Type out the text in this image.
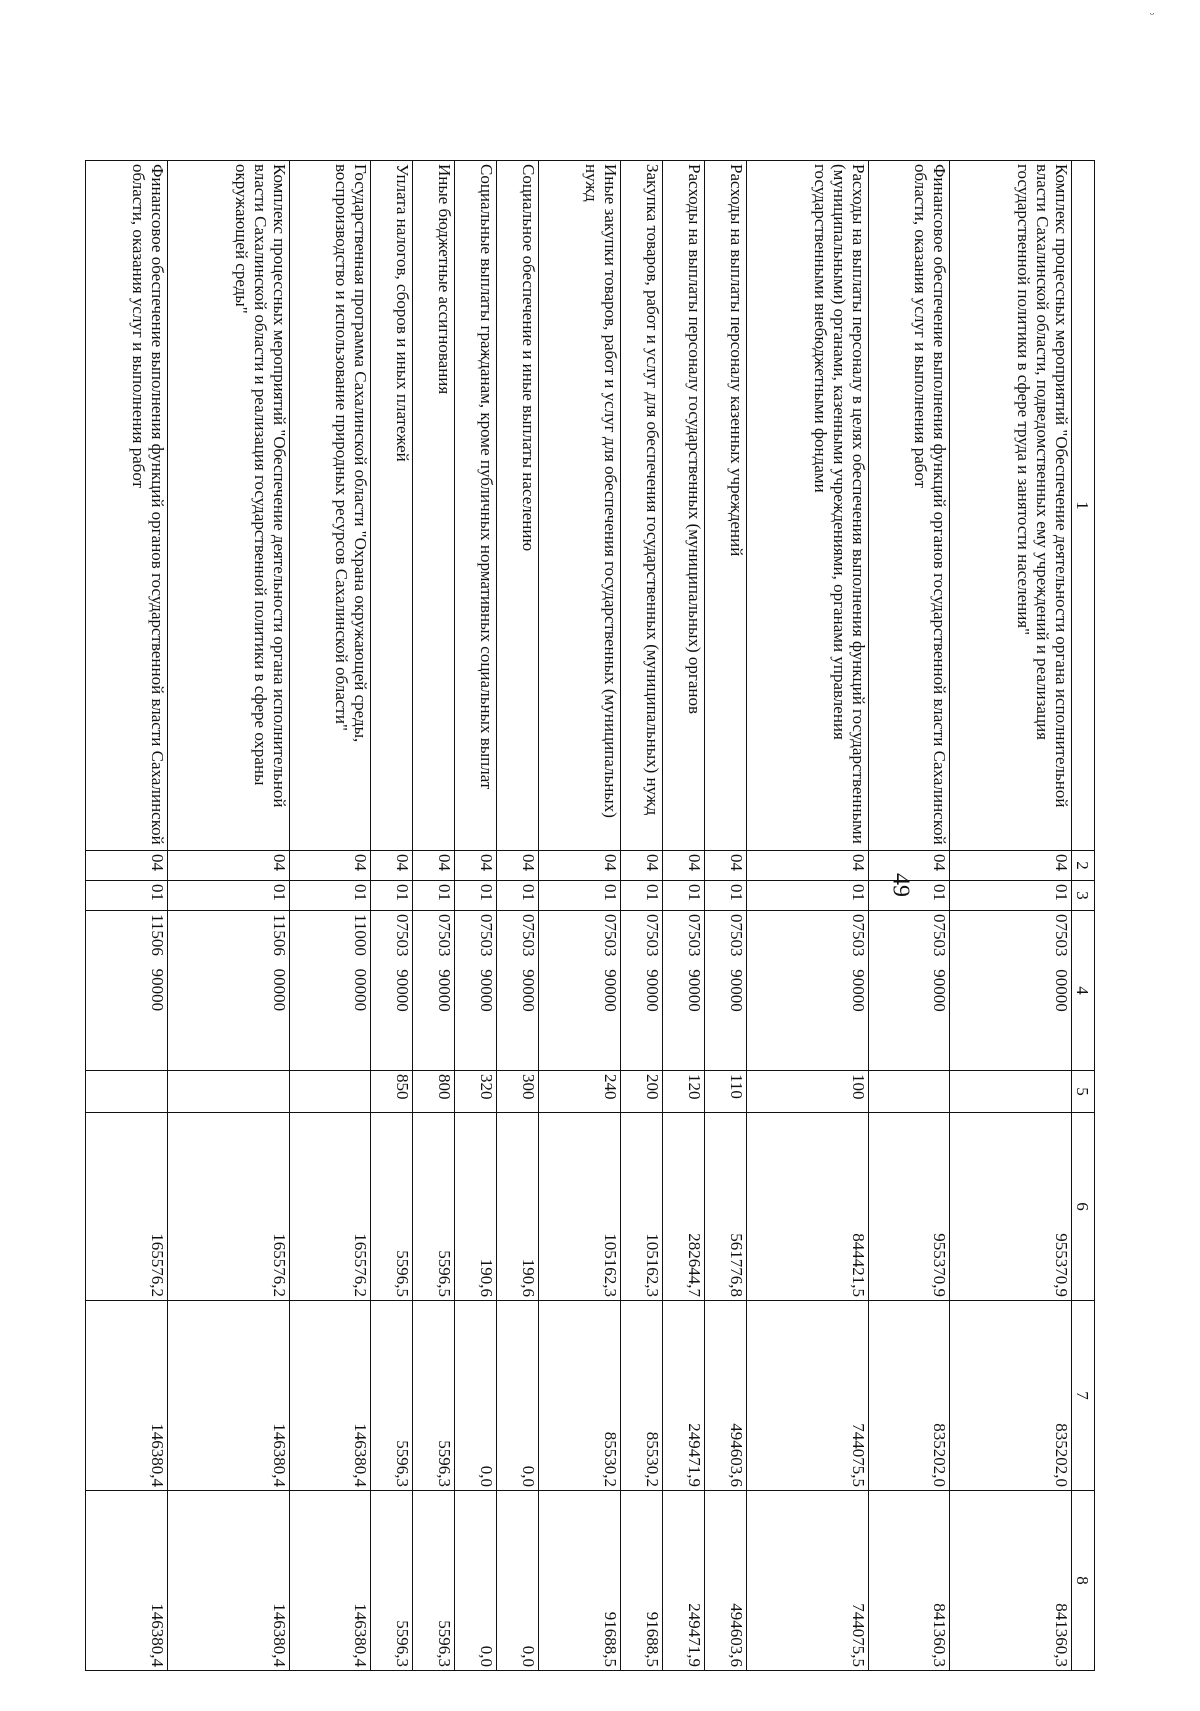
ᵕ
49
1	2	3	4	5	6	7	8
Комплекс процессных мероприятий "Обеспечение деятельности органа исполнительной власти Сахалинской области, подведомственных ему учреждений и реализация государственной политики в сфере труда и занятости населения"	04	01	07503   00000		955370,9	835202,0	841360,3
Финансовое обеспечение выполнения функций органов государственной власти Сахалинской области, оказания услуг и выполнения работ	04	01	07503   90000		955370,9	835202,0	841360,3
Расходы на выплаты персоналу в целях обеспечения выполнения функций государственными (муниципальными) органами, казенными учреждениями, органами управления государственными внебюджетными фондами	04	01	07503   90000	100	844421,5	744075,5	744075,5
Расходы на выплаты персоналу казенных учреждений	04	01	07503   90000	110	561776,8	494603,6	494603,6
Расходы на выплаты персоналу государственных (муниципальных) органов	04	01	07503   90000	120	282644,7	249471,9	249471,9
Закупка товаров, работ и услуг для обеспечения государственных (муниципальных) нужд	04	01	07503   90000	200	105162,3	85530,2	91688,5
Иные закупки товаров, работ и услуг для обеспечения государственных (муниципальных) нужд	04	01	07503   90000	240	105162,3	85530,2	91688,5
Социальное обеспечение и иные выплаты населению	04	01	07503   90000	300	190,6	0,0	0,0
Социальные выплаты гражданам, кроме публичных нормативных социальных выплат	04	01	07503   90000	320	190,6	0,0	0,0
Иные бюджетные ассигнования	04	01	07503   90000	800	5596,5	5596,3	5596,3
Уплата налогов, сборов и иных платежей	04	01	07503   90000	850	5596,5	5596,3	5596,3
Государственная программа Сахалинской области "Охрана окружающей среды, воспроизводство и использование природных ресурсов Сахалинской области"	04	01	11000   00000		165576,2	146380,4	146380,4
Комплекс процессных мероприятий "Обеспечение деятельности органа исполнительной власти Сахалинской области и реализация государственной политики в сфере охраны окружающей среды"	04	01	11506   00000		165576,2	146380,4	146380,4
Финансовое обеспечение выполнения функций органов государственной власти Сахалинской области, оказания услуг и выполнения работ	04	01	11506   90000		165576,2	146380,4	146380,4
